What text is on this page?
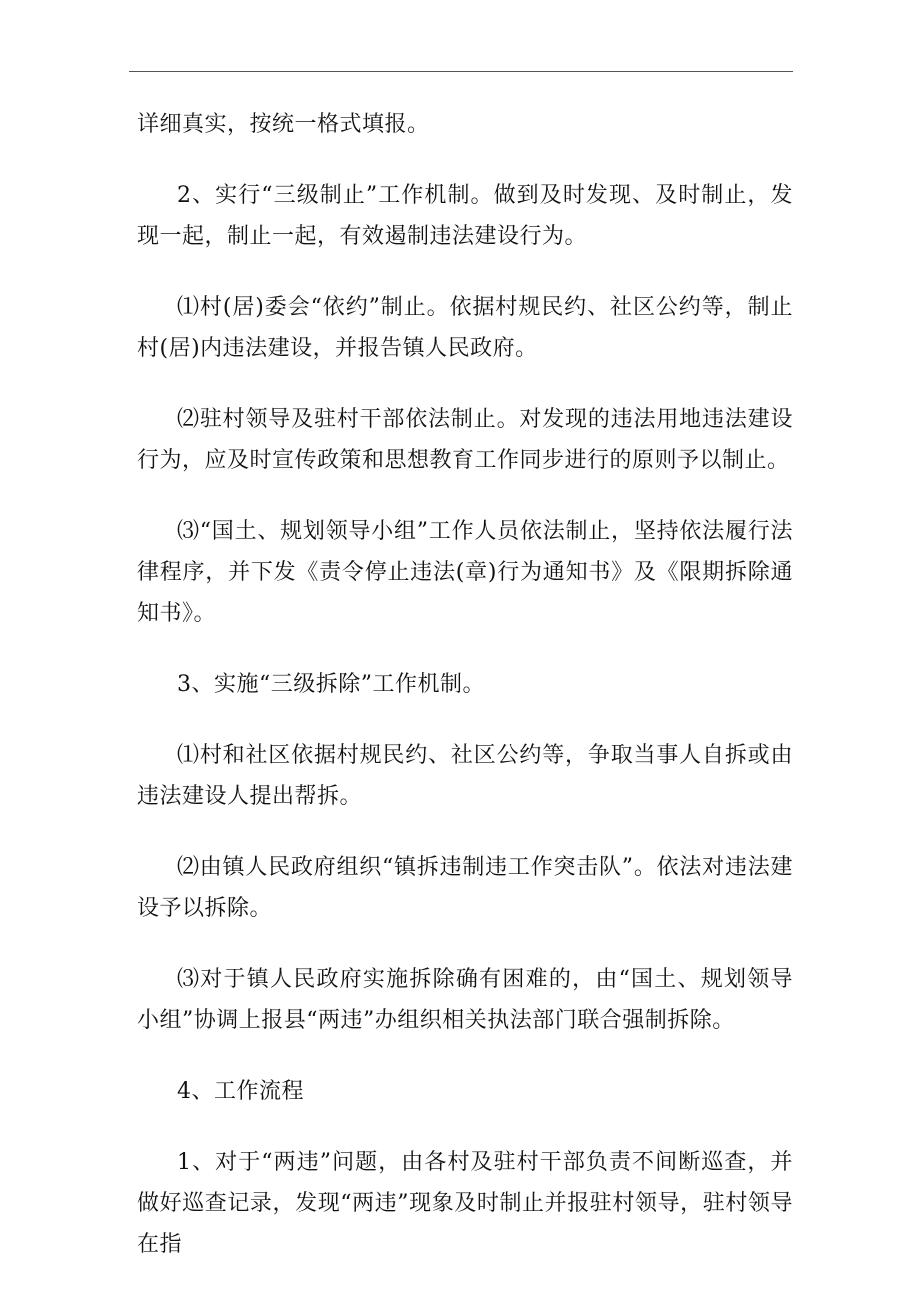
详细真实，按统一格式填报。

2、实行“三级制止”工作机制。做到及时发现、及时制止，发现一起，制止一起，有效遏制违法建设行为。

⑴村(居)委会“依约”制止。依据村规民约、社区公约等，制止村(居)内违法建设，并报告镇人民政府。

⑵驻村领导及驻村干部依法制止。对发现的违法用地违法建设行为，应及时宣传政策和思想教育工作同步进行的原则予以制止。

⑶“国土、规划领导小组”工作人员依法制止，坚持依法履行法律程序，并下发《责令停止违法(章)行为通知书》及《限期拆除通知书》。

3、实施“三级拆除”工作机制。

⑴村和社区依据村规民约、社区公约等，争取当事人自拆或由违法建设人提出帮拆。

⑵由镇人民政府组织“镇拆违制违工作突击队”。依法对违法建设予以拆除。

⑶对于镇人民政府实施拆除确有困难的，由“国土、规划领导小组”协调上报县“两违”办组织相关执法部门联合强制拆除。

4、工作流程

1、对于“两违”问题，由各村及驻村干部负责不间断巡查，并做好巡查记录，发现“两违”现象及时制止并报驻村领导，驻村领导在指
